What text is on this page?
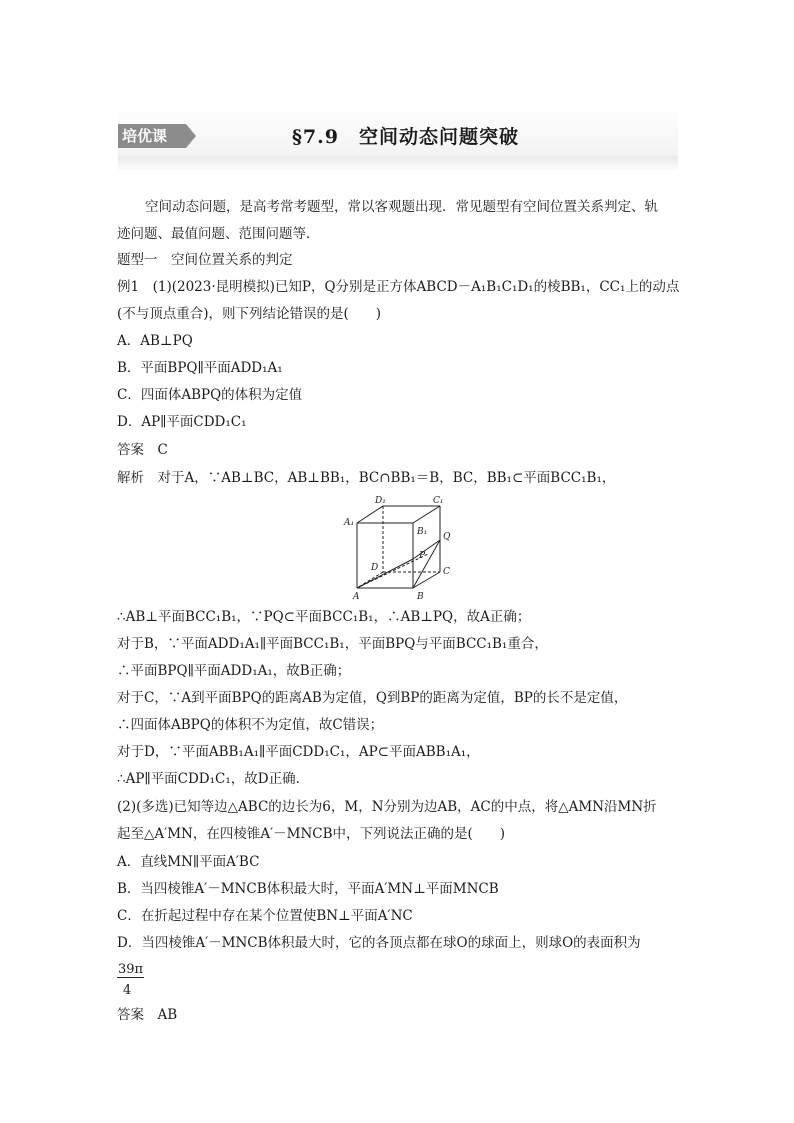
培优课	§7.9　空间动态问题突破
空间动态问题，是高考常考题型，常以客观题出现．常见题型有空间位置关系判定、轨
迹问题、最值问题、范围问题等．
题型一　空间位置关系的判定
例1　(1)(2023·昆明模拟)已知P，Q分别是正方体ABCD－A₁B₁C₁D₁的棱BB₁，CC₁上的动点
(不与顶点重合)，则下列结论错误的是(　　)
A．AB⊥PQ
B．平面BPQ∥平面ADD₁A₁
C．四面体ABPQ的体积为定值
D．AP∥平面CDD₁C₁
答案　C
解析　对于A，∵AB⊥BC，AB⊥BB₁，BC∩BB₁＝B，BC，BB₁⊂平面BCC₁B₁，
∴AB⊥平面BCC₁B₁，∵PQ⊂平面BCC₁B₁，∴AB⊥PQ，故A正确；
对于B，∵平面ADD₁A₁∥平面BCC₁B₁，平面BPQ与平面BCC₁B₁重合，
∴平面BPQ∥平面ADD₁A₁，故B正确；
对于C，∵A到平面BPQ的距离AB为定值，Q到BP的距离为定值，BP的长不是定值，
∴四面体ABPQ的体积不为定值，故C错误；
对于D，∵平面ABB₁A₁∥平面CDD₁C₁，AP⊂平面ABB₁A₁，
∴AP∥平面CDD₁C₁，故D正确．
(2)(多选)已知等边△ABC的边长为6，M，N分别为边AB，AC的中点，将△AMN沿MN折
起至△A′MN，在四棱锥A′－MNCB中，下列说法正确的是(　　)
A．直线MN∥平面A′BC
B．当四棱锥A′－MNCB体积最大时，平面A′MN⊥平面MNCB
C．在折起过程中存在某个位置使BN⊥平面A′NC
D．当四棱锥A′－MNCB体积最大时，它的各顶点都在球O的球面上，则球O的表面积为
答案　AB
D₁	C₁
A₁
B₁ Q
P
D	C
A	B
39π
4
